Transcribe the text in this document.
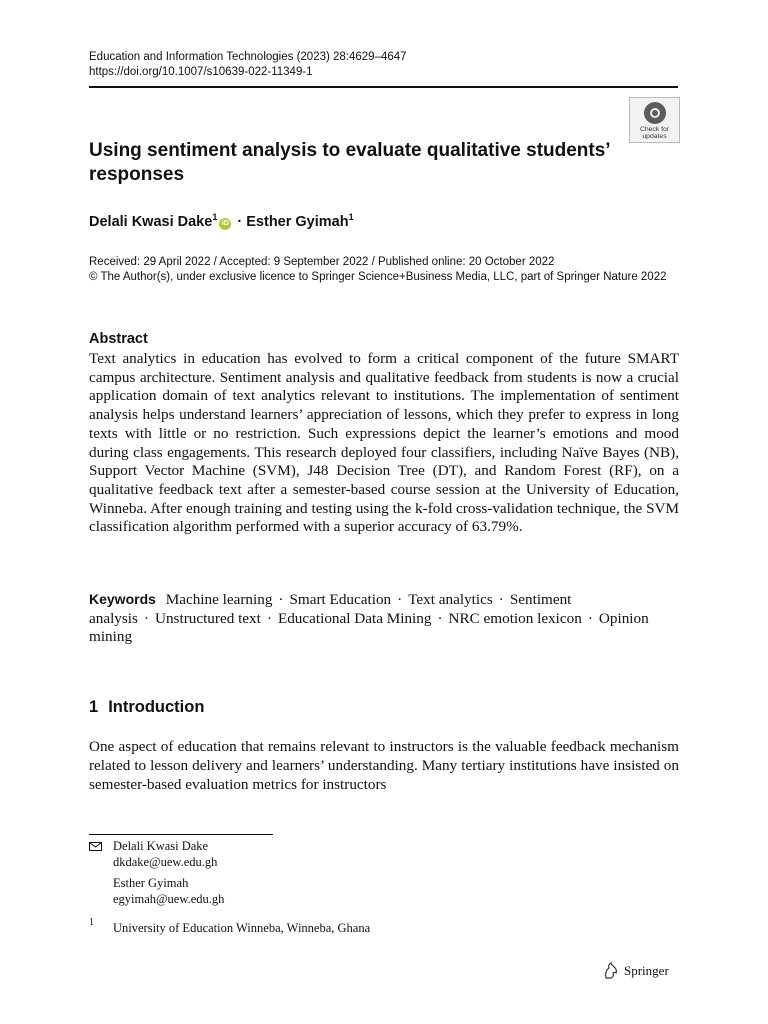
Education and Information Technologies (2023) 28:4629–4647
https://doi.org/10.1007/s10639-022-11349-1
Check for
updates
Using sentiment analysis to evaluate qualitative students’ responses
Delali Kwasi Dake$^1$iD · Esther Gyimah$^1$
Received: 29 April 2022 / Accepted: 9 September 2022 / Published online: 20 October 2022
© The Author(s), under exclusive licence to Springer Science+Business Media, LLC, part of Springer Nature 2022
Abstract
Text analytics in education has evolved to form a critical component of the future SMART campus architecture. Sentiment analysis and qualitative feedback from students is now a crucial application domain of text analytics relevant to institutions. The implementation of sentiment analysis helps understand learners’ appreciation of lessons, which they prefer to express in long texts with little or no restriction. Such expressions depict the learner’s emotions and mood during class engagements. This research deployed four classifiers, including Naïve Bayes (NB), Support Vector Machine (SVM), J48 Decision Tree (DT), and Random Forest (RF), on a qualitative feedback text after a semester-based course session at the University of Education, Winneba. After enough training and testing using the k-fold cross-validation technique, the SVM classification algorithm performed with a superior accuracy of 63.79%.
Keywords Machine learning · Smart Education · Text analytics · Sentiment analysis · Unstructured text · Educational Data Mining · NRC emotion lexicon · Opinion mining
1 Introduction
One aspect of education that remains relevant to instructors is the valuable feedback mechanism related to lesson delivery and learners’ understanding. Many tertiary institutions have insisted on semester-based evaluation metrics for instructors
Delali Kwasi Dake
dkdake@uew.edu.gh
Esther Gyimah
egyimah@uew.edu.gh
1 University of Education Winneba, Winneba, Ghana
Springer
